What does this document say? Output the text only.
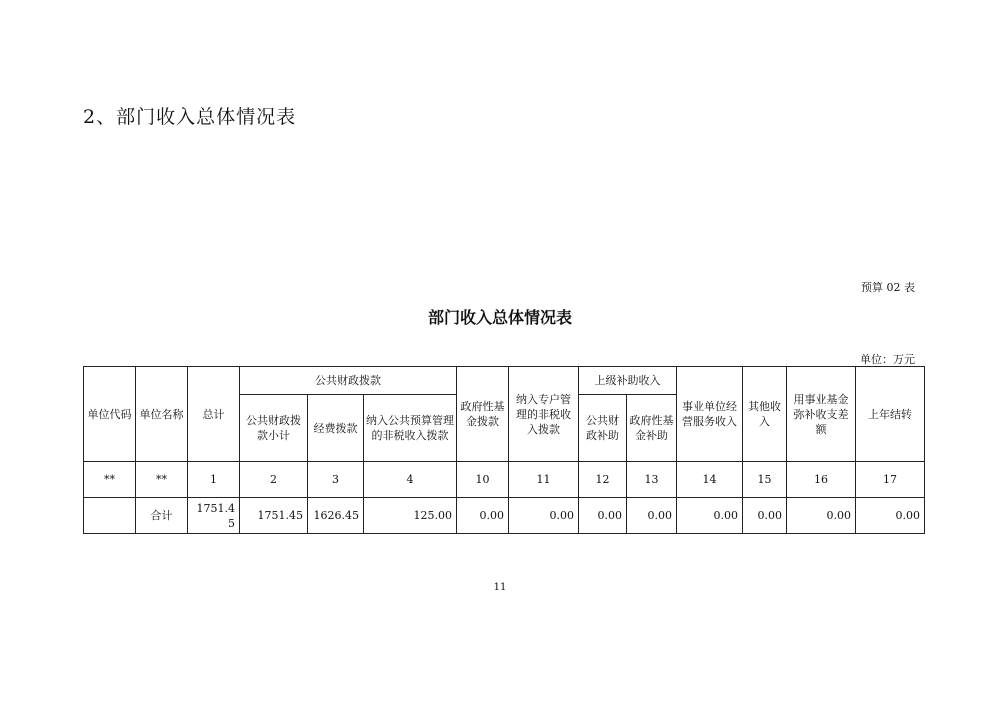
2、部门收入总体情况表
预算 02 表
部门收入总体情况表
单位：万元
单位代码	单位名称	总计	公共财政拨款			政府性基金拨款	纳入专户管理的非税收入拨款	上级补助收入		事业单位经营服务收入	其他收入	用事业基金弥补收支差额	上年结转
			公共财政拨款小计	经费拨款	纳入公共预算管理的非税收入拨款								
								公共财政补助	政府性基金补助				
**	**	1	2	3	4	10	11	12	13	14	15	16	17
	合计	1751.45	1751.45	1626.45	125.00	0.00	0.00	0.00	0.00	0.00	0.00	0.00	0.00
11
